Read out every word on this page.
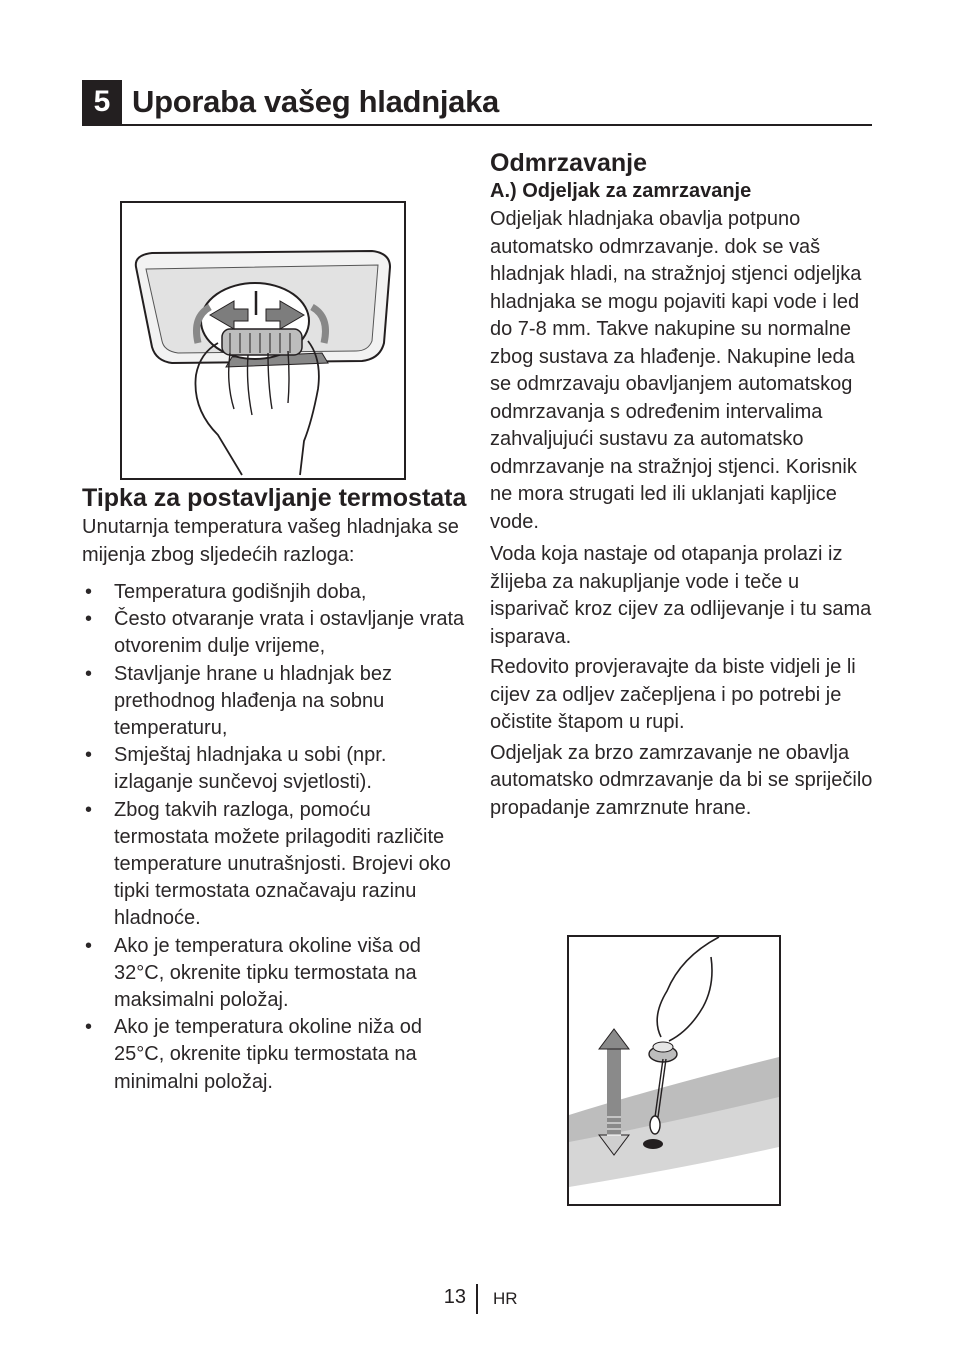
5 Uporaba vašeg hladnjaka
Tipka za postavljanje termostata

Unutarnja temperatura vašeg hladnjaka se mijenja zbog sljedećih razloga:

• Temperatura godišnjih doba,
• Često otvaranje vrata i ostavljanje vrata otvorenim dulje vrijeme,
• Stavljanje hrane u hladnjak bez prethodnog hlađenja na sobnu temperaturu,
• Smještaj hladnjaka u sobi (npr. izlaganje sunčevoj svjetlosti).
• Zbog takvih razloga, pomoću termostata možete prilagoditi različite temperature unutrašnjosti. Brojevi oko tipki termostata označavaju razinu hladnoće.
• Ako je temperatura okoline viša od 32°C, okrenite tipku termostata na maksimalni položaj.
• Ako je temperatura okoline niža od 25°C, okrenite tipku termostata na minimalni položaj.
Odmrzavanje
A.) Odjeljak za zamrzavanje

Odjeljak hladnjaka obavlja potpuno automatsko odmrzavanje. dok se vaš hladnjak hladi, na stražnjoj stjenci odjeljka hladnjaka se mogu pojaviti kapi vode i led do 7-8 mm. Takve nakupine su normalne zbog sustava za hlađenje. Nakupine leda se odmrzavaju obavljanjem automatskog odmrzavanja s određenim intervalima zahvaljujući sustavu za automatsko odmrzavanje na stražnjoj stjenci. Korisnik ne mora strugati led ili uklanjati kapljice vode.

Voda koja nastaje od otapanja prolazi iz žlijeba za nakupljanje vode i teče u isparivač kroz cijev za odlijevanje i tu sama isparava.

Redovito provjeravajte da biste vidjeli je li cijev za odljev začepljena i po potrebi je očistite štapom u rupi.

Odjeljak za brzo zamrzavanje ne obavlja automatsko odmrzavanje da bi se spriječilo propadanje zamrznute hrane.

13 HR
